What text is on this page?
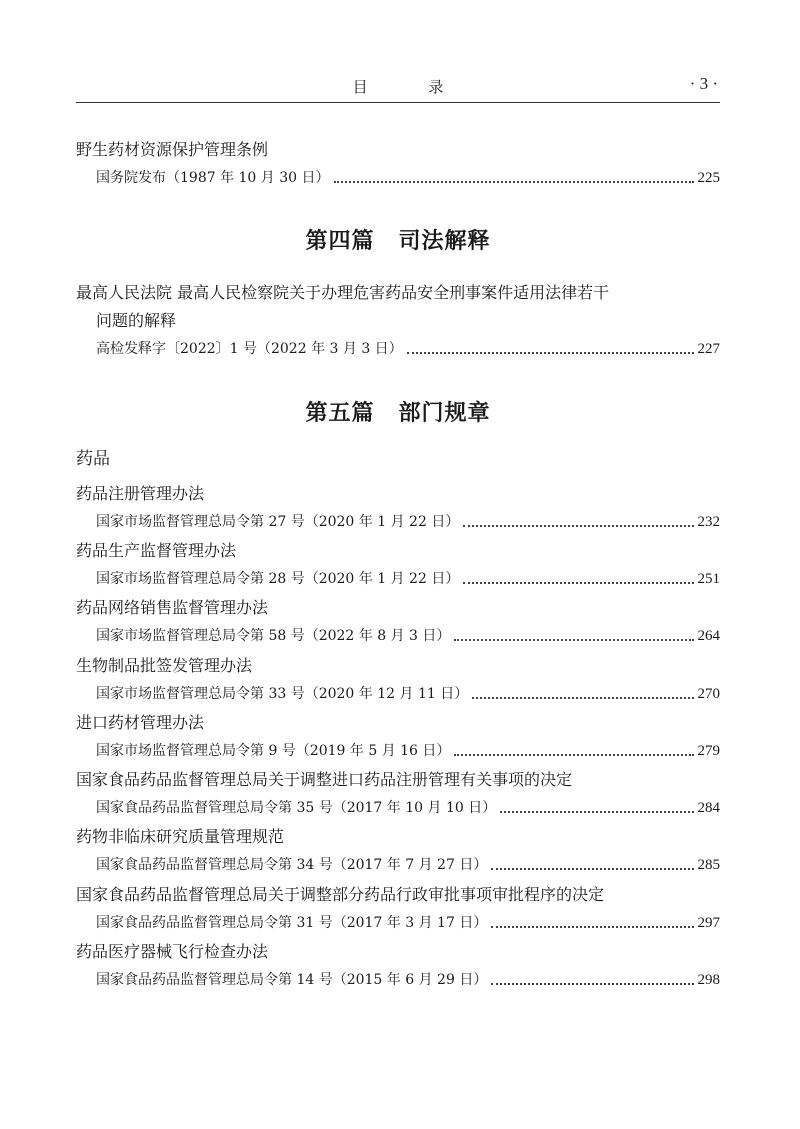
目 录	· 3 ·
野生药材资源保护管理条例
国务院发布（1987 年 10 月 30 日）	225
第四篇 司法解释
最高人民法院 最高人民检察院关于办理危害药品安全刑事案件适用法律若干
问题的解释
高检发释字〔2022〕1 号（2022 年 3 月 3 日）	227
第五篇 部门规章
药品
药品注册管理办法
国家市场监督管理总局令第 27 号（2020 年 1 月 22 日）	232
药品生产监督管理办法
国家市场监督管理总局令第 28 号（2020 年 1 月 22 日）	251
药品网络销售监督管理办法
国家市场监督管理总局令第 58 号（2022 年 8 月 3 日）	264
生物制品批签发管理办法
国家市场监督管理总局令第 33 号（2020 年 12 月 11 日）	270
进口药材管理办法
国家市场监督管理总局令第 9 号（2019 年 5 月 16 日）	279
国家食品药品监督管理总局关于调整进口药品注册管理有关事项的决定
国家食品药品监督管理总局令第 35 号（2017 年 10 月 10 日）	284
药物非临床研究质量管理规范
国家食品药品监督管理总局令第 34 号（2017 年 7 月 27 日）	285
国家食品药品监督管理总局关于调整部分药品行政审批事项审批程序的决定
国家食品药品监督管理总局令第 31 号（2017 年 3 月 17 日）	297
药品医疗器械飞行检查办法
国家食品药品监督管理总局令第 14 号（2015 年 6 月 29 日）	298
